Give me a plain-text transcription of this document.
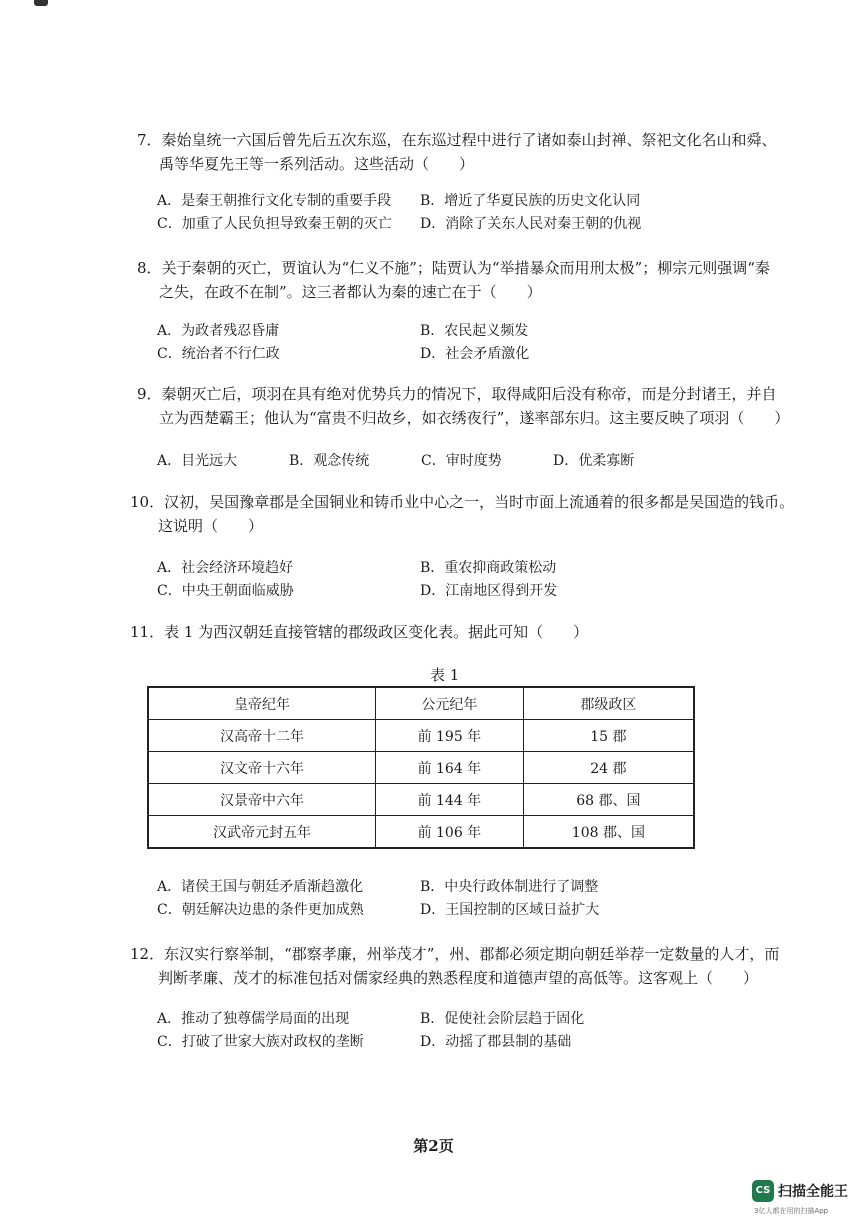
7．秦始皇统一六国后曾先后五次东巡，在东巡过程中进行了诸如泰山封禅、祭祀文化名山和舜、

禹等华夏先王等一系列活动。这些活动（　　）

A．是秦王朝推行文化专制的重要手段 B．增近了华夏民族的历史文化认同
C．加重了人民负担导致秦王朝的灭亡 D．消除了关东人民对秦王朝的仇视

8．关于秦朝的灭亡，贾谊认为“仁义不施”；陆贾认为“举措暴众而用刑太极”；柳宗元则强调“秦

之失，在政不在制”。这三者都认为秦的速亡在于（　　）

A．为政者残忍昏庸	B．农民起义频发
C．统治者不行仁政	D．社会矛盾激化

9．秦朝灭亡后，项羽在具有绝对优势兵力的情况下，取得咸阳后没有称帝，而是分封诸王，并自

立为西楚霸王；他认为“富贵不归故乡，如衣绣夜行”，遂率部东归。这主要反映了项羽（　　）

A．目光远大	B．观念传统	C．审时度势	D．优柔寡断

10．汉初，吴国豫章郡是全国铜业和铸币业中心之一，当时市面上流通着的很多都是吴国造的钱币。

这说明（　　）

A．社会经济环境趋好	B．重农抑商政策松动
C．中央王朝面临威胁	D．江南地区得到开发

11．表 1 为西汉朝廷直接管辖的郡级政区变化表。据此可知（　　）

表 1
皇帝纪年	公元纪年	郡级政区
汉高帝十二年	前 195 年	15 郡
汉文帝十六年	前 164 年	24 郡
汉景帝中六年	前 144 年	68 郡、国
汉武帝元封五年	前 106 年	108 郡、国
A．诸侯王国与朝廷矛盾渐趋激化	B．中央行政体制进行了调整
C．朝廷解决边患的条件更加成熟	D．王国控制的区域日益扩大

12．东汉实行察举制，“郡察孝廉，州举茂才”，州、郡都必须定期向朝廷举荐一定数量的人才，而

判断孝廉、茂才的标准包括对儒家经典的熟悉程度和道德声望的高低等。这客观上（　　）

A．推动了独尊儒学局面的出现	B．促使社会阶层趋于固化
C．打破了世家大族对政权的垄断	D．动摇了郡县制的基础
第2页
CS 扫描全能王
3亿人都在用的扫描App
